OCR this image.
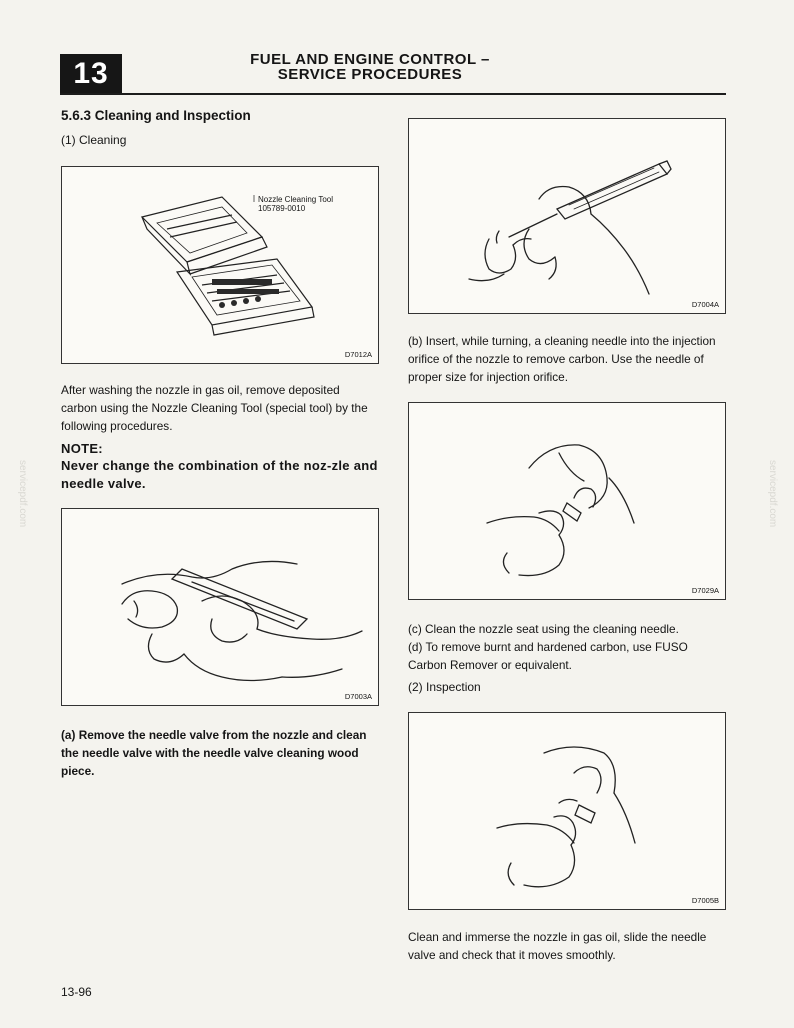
13	FUEL AND ENGINE CONTROL –
SERVICE PROCEDURES
5.6.3 Cleaning and Inspection
(1) Cleaning
Nozzle Cleaning Tool
105789-0010
D7012A
After washing the nozzle in gas oil, remove deposited carbon using the Nozzle Cleaning Tool (special tool) by the following procedures.
NOTE:
Never change the combination of the noz-zle and needle valve.
D7003A
(a) Remove the needle valve from the nozzle and clean the needle valve with the needle valve cleaning wood piece.
D7004A
(b) Insert, while turning, a cleaning needle into the injection orifice of the nozzle to remove carbon. Use the needle of proper size for injection orifice.
D7029A
(c) Clean the nozzle seat using the cleaning needle.
(d) To remove burnt and hardened carbon, use FUSO Carbon Remover or equivalent.
(2) Inspection
D7005B
Clean and immerse the nozzle in gas oil, slide the needle valve and check that it moves smoothly.
13-96
servicepdf.com	servicepdf.com
